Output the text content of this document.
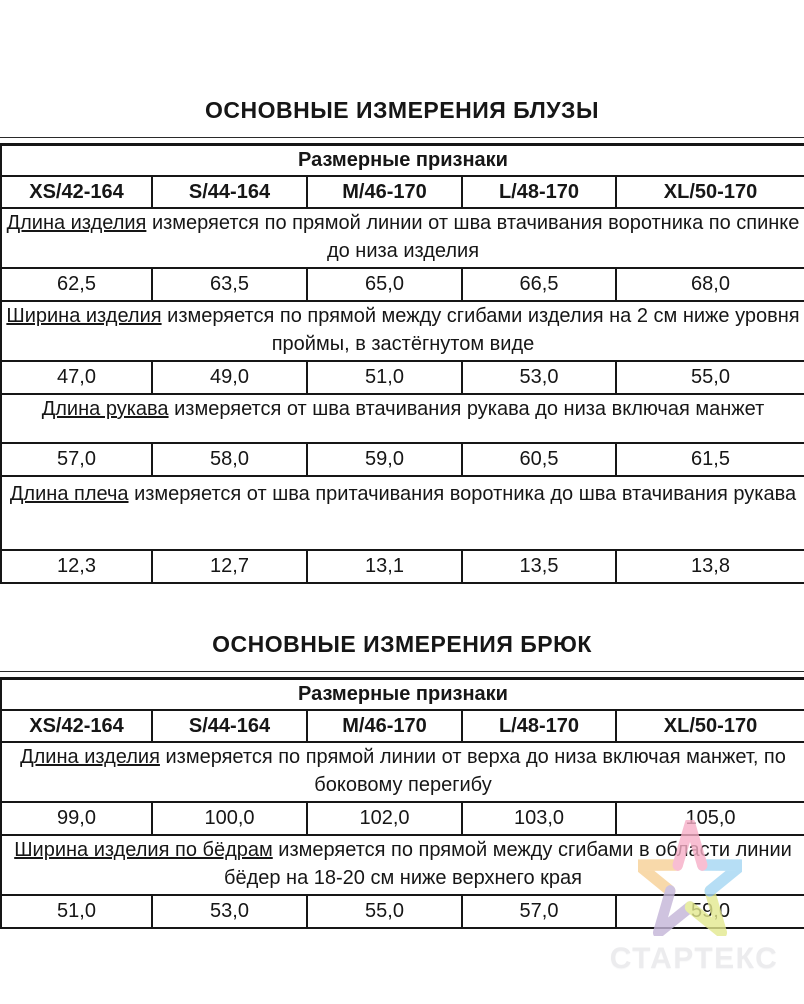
ОСНОВНЫЕ ИЗМЕРЕНИЯ БЛУЗЫ
Размерные признаки				
XS/42-164	S/44-164	M/46-170	L/48-170	XL/50-170
Длина изделия измеряется по прямой линии от шва втачивания воротника по спинке до низа изделия				
62,5	63,5	65,0	66,5	68,0
Ширина изделия измеряется по прямой между сгибами изделия на 2 см ниже уровня проймы, в застёгнутом виде				
47,0	49,0	51,0	53,0	55,0
Длина рукава измеряется от шва втачивания рукава до низа включая манжет				
57,0	58,0	59,0	60,5	61,5
Длина плеча измеряется от шва притачивания воротника до шва втачивания рукава				
12,3	12,7	13,1	13,5	13,8
ОСНОВНЫЕ ИЗМЕРЕНИЯ БРЮК
Размерные признаки				
XS/42-164	S/44-164	M/46-170	L/48-170	XL/50-170
Длина изделия измеряется по прямой линии от верха до низа включая манжет, по боковому перегибу				
99,0	100,0	102,0	103,0	105,0
Ширина изделия по бёдрам измеряется по прямой между сгибами в области линии бёдер на 18-20 см ниже верхнего края				
51,0	53,0	55,0	57,0	59,0
СТАРТЕКС
